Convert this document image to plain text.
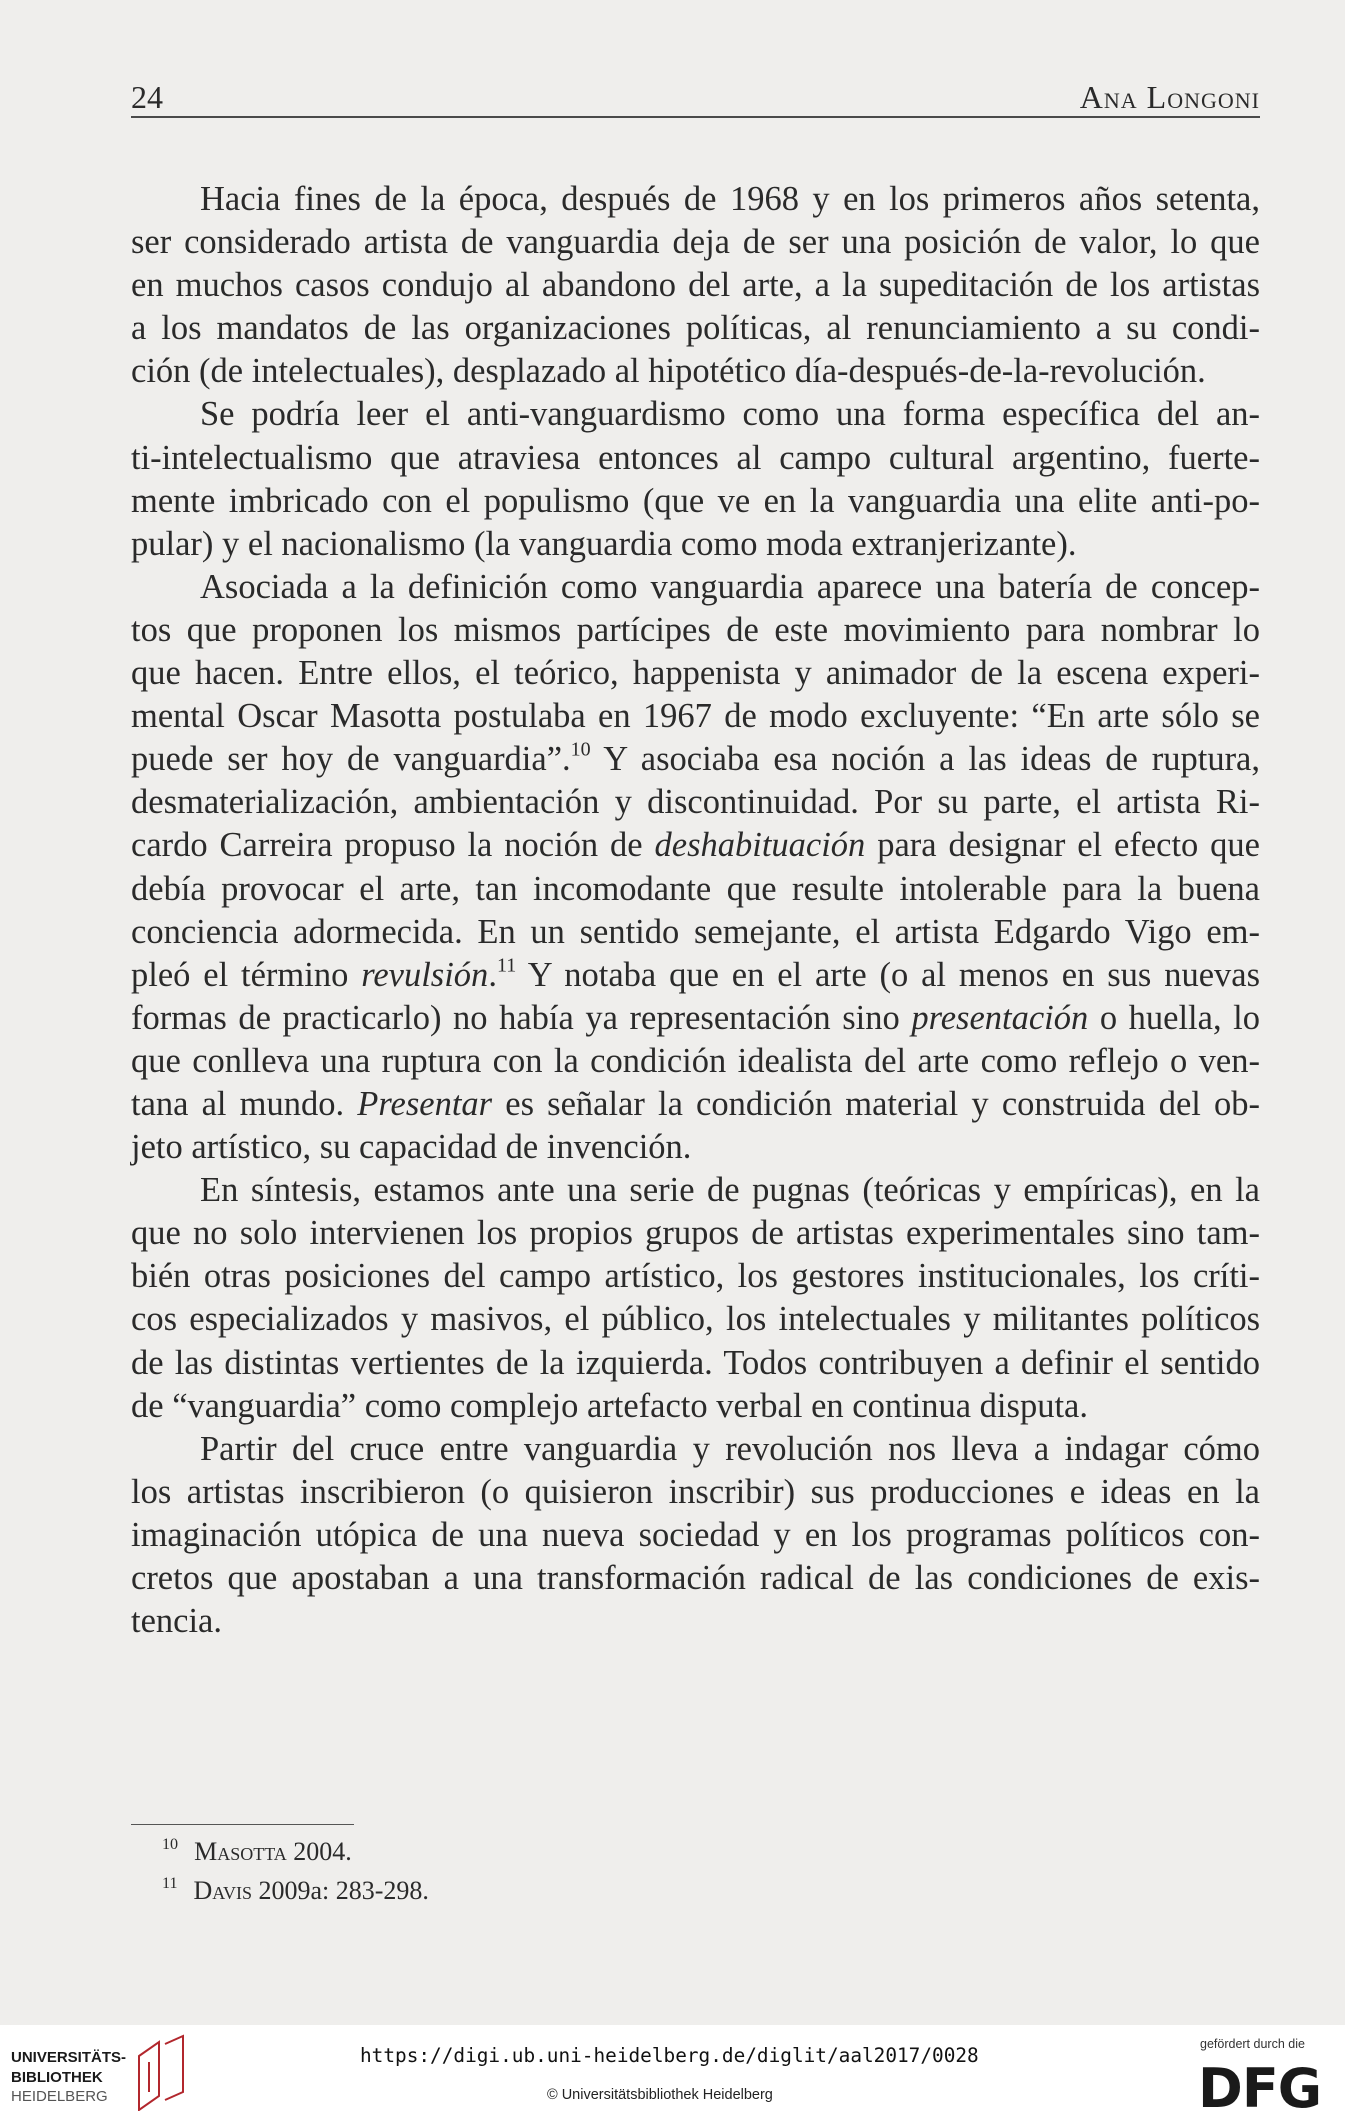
24	Ana Longoni
Hacia fines de la época, después de 1968 y en los primeros años setenta,
ser considerado artista de vanguardia deja de ser una posición de valor, lo que
en muchos casos condujo al abandono del arte, a la supeditación de los artistas
a los mandatos de las organizaciones políticas, al renunciamiento a su condi-
ción (de intelectuales), desplazado al hipotético día-después-de-la-revolución.
Se podría leer el anti-vanguardismo como una forma específica del an-
ti-intelectualismo que atraviesa entonces al campo cultural argentino, fuerte-
mente imbricado con el populismo (que ve en la vanguardia una elite anti-po-
pular) y el nacionalismo (la vanguardia como moda extranjerizante).
Asociada a la definición como vanguardia aparece una batería de concep-
tos que proponen los mismos partícipes de este movimiento para nombrar lo
que hacen. Entre ellos, el teórico, happenista y animador de la escena experi-
mental Oscar Masotta postulaba en 1967 de modo excluyente: “En arte sólo se
puede ser hoy de vanguardia”.$^{10}$ Y asociaba esa noción a las ideas de ruptura,
desmaterialización, ambientación y discontinuidad. Por su parte, el artista Ri-
cardo Carreira propuso la noción de deshabituación para designar el efecto que
debía provocar el arte, tan incomodante que resulte intolerable para la buena
conciencia adormecida. En un sentido semejante, el artista Edgardo Vigo em-
pleó el término revulsión.$^{11}$ Y notaba que en el arte (o al menos en sus nuevas
formas de practicarlo) no había ya representación sino presentación o huella, lo
que conlleva una ruptura con la condición idealista del arte como reflejo o ven-
tana al mundo. Presentar es señalar la condición material y construida del ob-
jeto artístico, su capacidad de invención.
En síntesis, estamos ante una serie de pugnas (teóricas y empíricas), en la
que no solo intervienen los propios grupos de artistas experimentales sino tam-
bién otras posiciones del campo artístico, los gestores institucionales, los críti-
cos especializados y masivos, el público, los intelectuales y militantes políticos
de las distintas vertientes de la izquierda. Todos contribuyen a definir el sentido
de “vanguardia” como complejo artefacto verbal en continua disputa.
Partir del cruce entre vanguardia y revolución nos lleva a indagar cómo
los artistas inscribieron (o quisieron inscribir) sus producciones e ideas en la
imaginación utópica de una nueva sociedad y en los programas políticos con-
cretos que apostaban a una transformación radical de las condiciones de exis-
tencia.
$^{10}$ Masotta 2004.
$^{11}$ Davis 2009a: 283-298.
UNIVERSITÄTS-
BIBLIOTHEK
HEIDELBERG
https://digi.ub.uni-heidelberg.de/diglit/aal2017/0028
© Universitätsbibliothek Heidelberg
gefördert durch die
DFG
